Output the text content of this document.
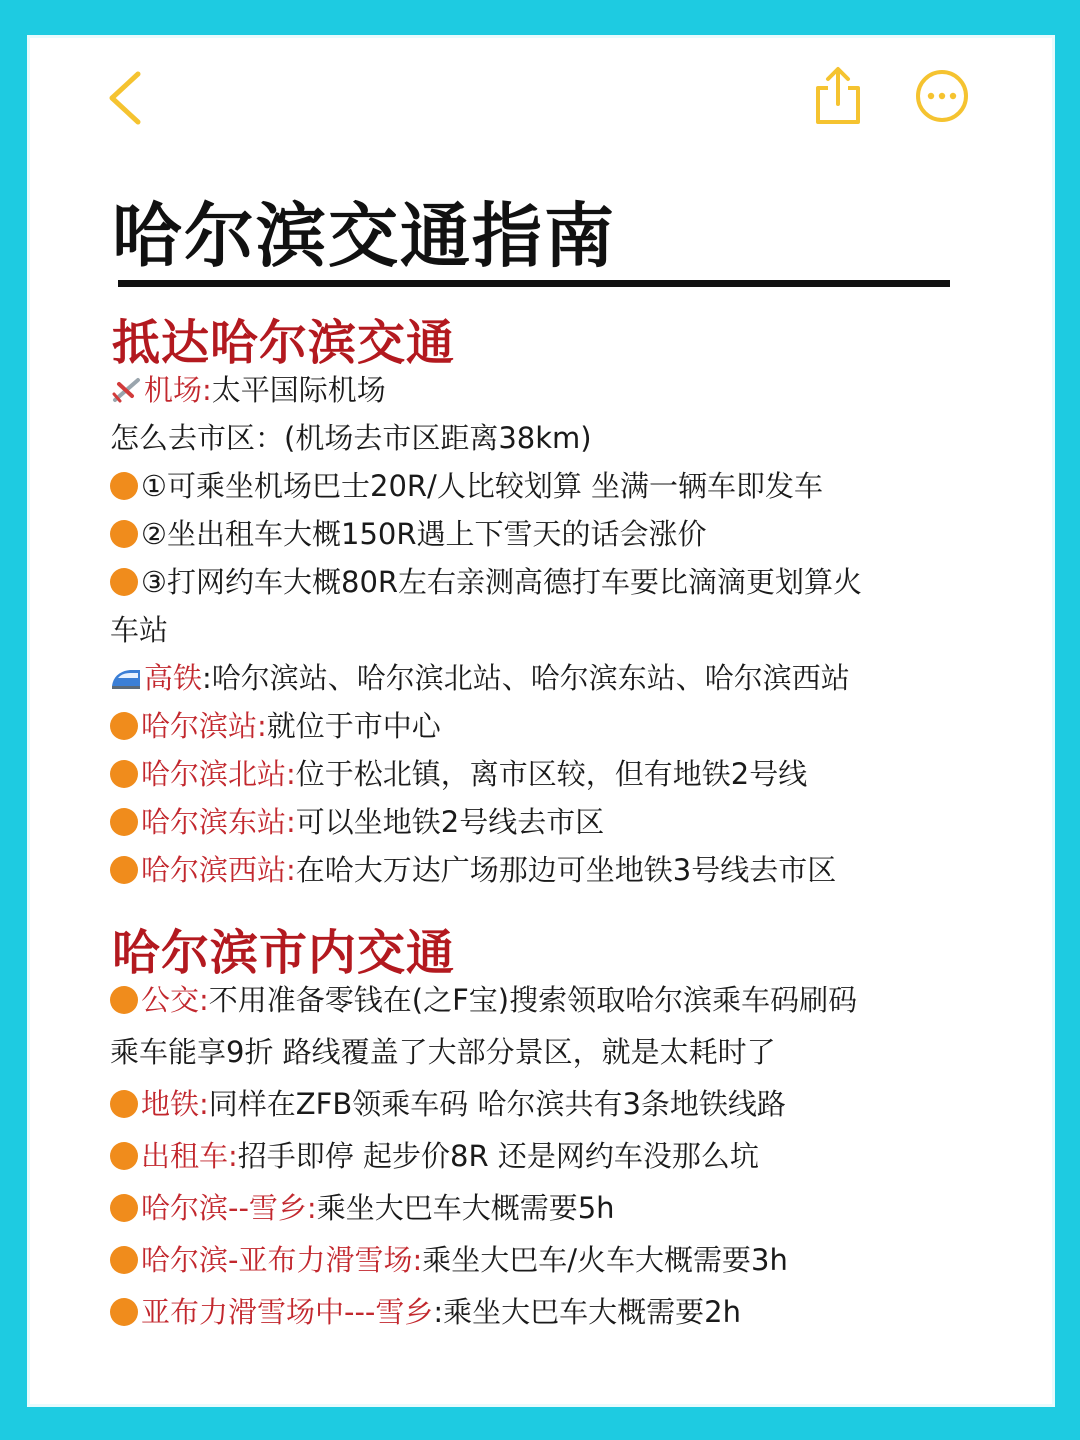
哈尔滨交通指南
抵达哈尔滨交通
机场:太平国际机场
怎么去市区：(机场去市区距离38km)
①可乘坐机场巴士20R/人比较划算 坐满一辆车即发车
②坐出租车大概150R遇上下雪天的话会涨价
③打网约车大概80R左右亲测高德打车要比滴滴更划算火
车站
高铁:哈尔滨站、哈尔滨北站、哈尔滨东站、哈尔滨西站
哈尔滨站:就位于市中心
哈尔滨北站:位于松北镇，离市区较，但有地铁2号线
哈尔滨东站:可以坐地铁2号线去市区
哈尔滨西站:在哈大万达广场那边可坐地铁3号线去市区
哈尔滨市内交通
公交:不用准备零钱在(之F宝)搜索领取哈尔滨乘车码刷码
乘车能享9折 路线覆盖了大部分景区，就是太耗时了
地铁:同样在ZFB领乘车码 哈尔滨共有3条地铁线路
出租车:招手即停 起步价8R 还是网约车没那么坑
哈尔滨--雪乡:乘坐大巴车大概需要5h
哈尔滨-亚布力滑雪场:乘坐大巴车/火车大概需要3h
亚布力滑雪场中---雪乡:乘坐大巴车大概需要2h
